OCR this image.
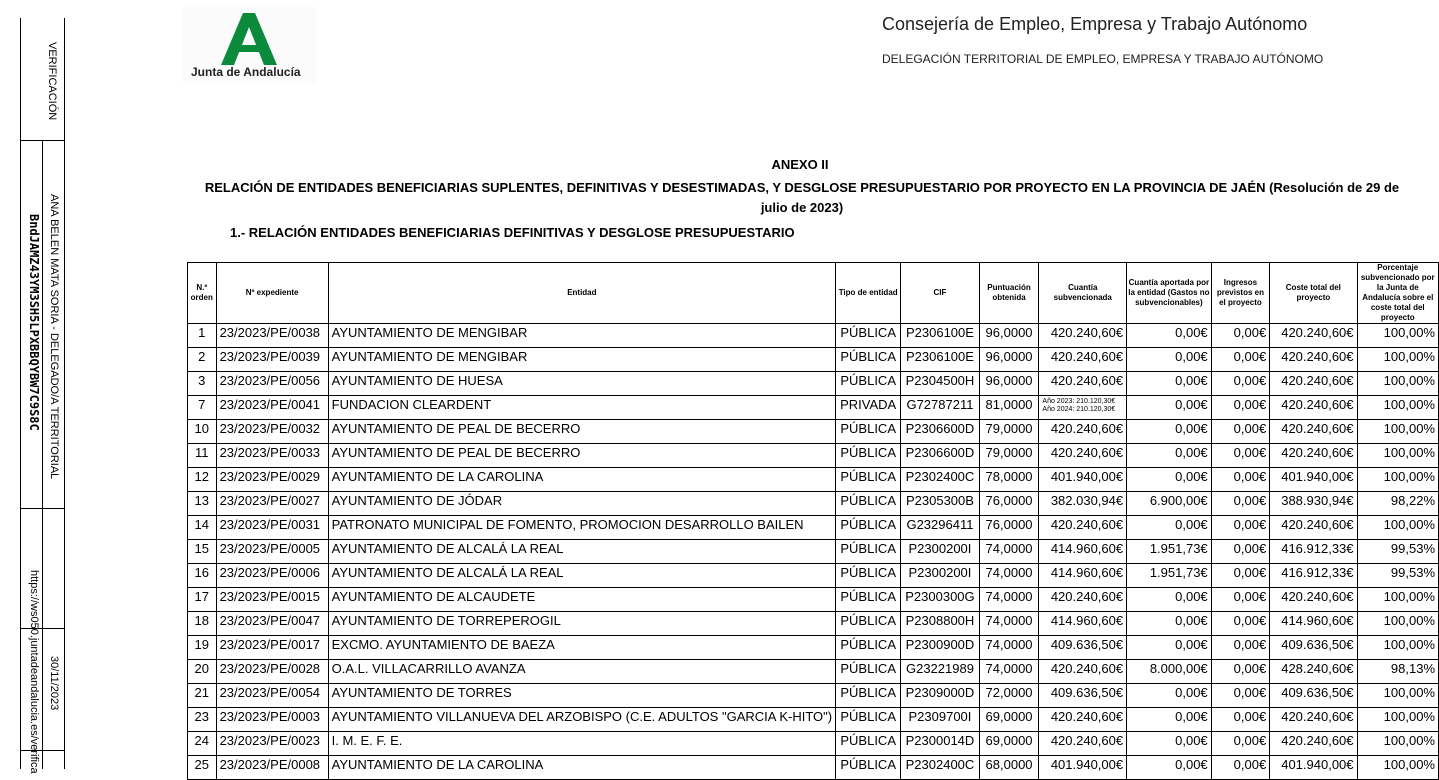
VERIFICACIÓN
BndJAMZ43YM3SH5LPXBBQYBW7C9S8C ANA BELEN MATA SORIA - DELEGADO/A TERRITORIAL
https://ws050.juntadeandalucia.es/verifica 30/11/2023
Junta de Andalucía
Consejería de Empleo, Empresa y Trabajo Autónomo
DELEGACIÓN TERRITORIAL DE EMPLEO, EMPRESA Y TRABAJO AUTÓNOMO
ANEXO II
RELACIÓN DE ENTIDADES BENEFICIARIAS SUPLENTES, DEFINITIVAS Y DESESTIMADAS, Y DESGLOSE PRESUPUESTARIO POR PROYECTO EN LA PROVINCIA DE JAÉN (Resolución de 29 de julio de 2023)
1.- RELACIÓN ENTIDADES BENEFICIARIAS DEFINITIVAS Y DESGLOSE PRESUPUESTARIO
N.º orden	Nº expediente	Entidad	Tipo de entidad	CIF	Puntuación obtenida	Cuantía subvencionada	Cuantía aportada por la entidad (Gastos no subvencionables)	Ingresos previstos en el proyecto	Coste total del proyecto	Porcentaje subvencionado por la Junta de Andalucía sobre el coste total del proyecto
1	23/2023/PE/0038	AYUNTAMIENTO DE MENGIBAR	PÚBLICA	P2306100E	96,0000	420.240,60€	0,00€	0,00€	420.240,60€	100,00%
2	23/2023/PE/0039	AYUNTAMIENTO DE MENGIBAR	PÚBLICA	P2306100E	96,0000	420.240,60€	0,00€	0,00€	420.240,60€	100,00%
3	23/2023/PE/0056	AYUNTAMIENTO DE HUESA	PÚBLICA	P2304500H	96,0000	420.240,60€	0,00€	0,00€	420.240,60€	100,00%
7	23/2023/PE/0041	FUNDACION CLEARDENT	PRIVADA	G72787211	81,0000	Año 2023: 210.120,30€
Año 2024: 210.120,30€	0,00€	0,00€	420.240,60€	100,00%
10	23/2023/PE/0032	AYUNTAMIENTO DE PEAL DE BECERRO	PÚBLICA	P2306600D	79,0000	420.240,60€	0,00€	0,00€	420.240,60€	100,00%
11	23/2023/PE/0033	AYUNTAMIENTO DE PEAL DE BECERRO	PÚBLICA	P2306600D	79,0000	420.240,60€	0,00€	0,00€	420.240,60€	100,00%
12	23/2023/PE/0029	AYUNTAMIENTO DE LA CAROLINA	PÚBLICA	P2302400C	78,0000	401.940,00€	0,00€	0,00€	401.940,00€	100,00%
13	23/2023/PE/0027	AYUNTAMIENTO DE JÓDAR	PÚBLICA	P2305300B	76,0000	382.030,94€	6.900,00€	0,00€	388.930,94€	98,22%
14	23/2023/PE/0031	PATRONATO MUNICIPAL DE FOMENTO, PROMOCION DESARROLLO BAILEN	PÚBLICA	G23296411	76,0000	420.240,60€	0,00€	0,00€	420.240,60€	100,00%
15	23/2023/PE/0005	AYUNTAMIENTO DE ALCALÁ LA REAL	PÚBLICA	P2300200I	74,0000	414.960,60€	1.951,73€	0,00€	416.912,33€	99,53%
16	23/2023/PE/0006	AYUNTAMIENTO DE ALCALÁ LA REAL	PÚBLICA	P2300200I	74,0000	414.960,60€	1.951,73€	0,00€	416.912,33€	99,53%
17	23/2023/PE/0015	AYUNTAMIENTO DE ALCAUDETE	PÚBLICA	P2300300G	74,0000	420.240,60€	0,00€	0,00€	420.240,60€	100,00%
18	23/2023/PE/0047	AYUNTAMIENTO DE TORREPEROGIL	PÚBLICA	P2308800H	74,0000	414.960,60€	0,00€	0,00€	414.960,60€	100,00%
19	23/2023/PE/0017	EXCMO. AYUNTAMIENTO DE BAEZA	PÚBLICA	P2300900D	74,0000	409.636,50€	0,00€	0,00€	409.636,50€	100,00%
20	23/2023/PE/0028	O.A.L. VILLACARRILLO AVANZA	PÚBLICA	G23221989	74,0000	420.240,60€	8.000,00€	0,00€	428.240,60€	98,13%
21	23/2023/PE/0054	AYUNTAMIENTO DE TORRES	PÚBLICA	P2309000D	72,0000	409.636,50€	0,00€	0,00€	409.636,50€	100,00%
23	23/2023/PE/0003	AYUNTAMIENTO VILLANUEVA DEL ARZOBISPO (C.E. ADULTOS "GARCIA K-HITO")	PÚBLICA	P2309700I	69,0000	420.240,60€	0,00€	0,00€	420.240,60€	100,00%
24	23/2023/PE/0023	I. M. E. F. E.	PÚBLICA	P2300014D	69,0000	420.240,60€	0,00€	0,00€	420.240,60€	100,00%
25	23/2023/PE/0008	AYUNTAMIENTO DE LA CAROLINA	PÚBLICA	P2302400C	68,0000	401.940,00€	0,00€	0,00€	401.940,00€	100,00%
